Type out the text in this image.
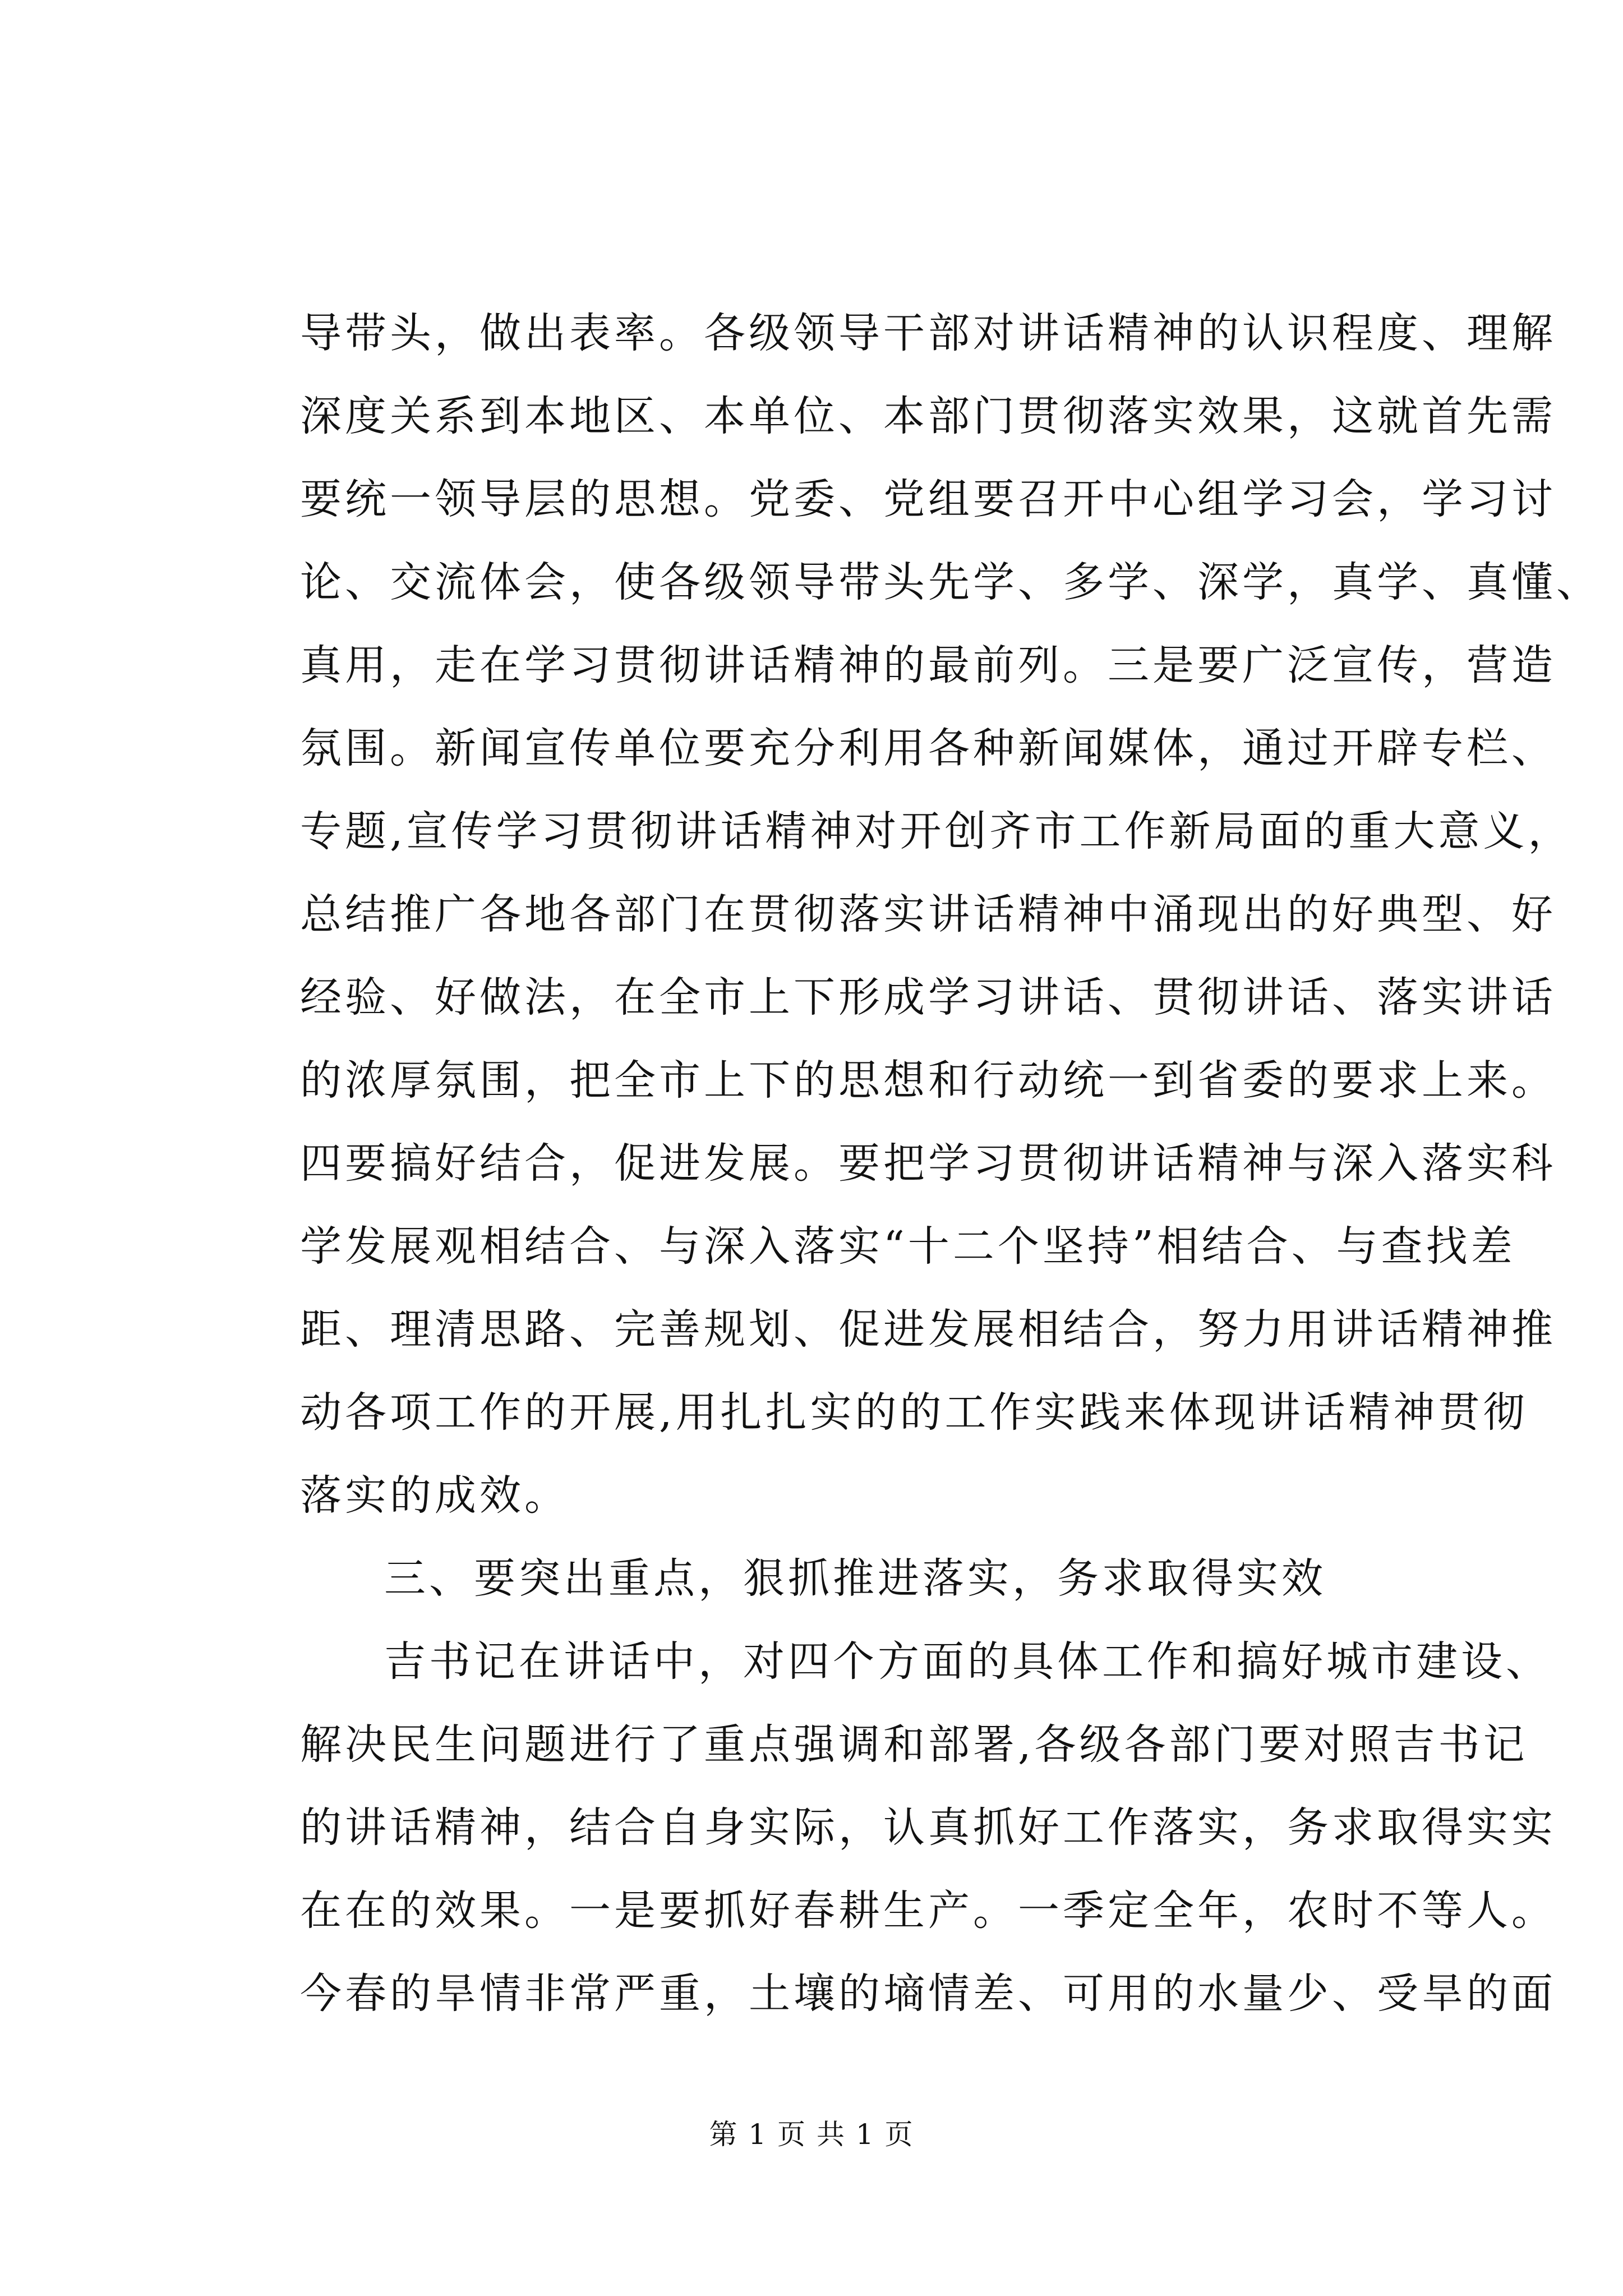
导带头，做出表率。各级领导干部对讲话精神的认识程度、理解
深度关系到本地区、本单位、本部门贯彻落实效果，这就首先需
要统一领导层的思想。党委、党组要召开中心组学习会，学习讨
论、交流体会，使各级领导带头先学、多学、深学，真学、真懂、
真用，走在学习贯彻讲话精神的最前列。三是要广泛宣传，营造
氛围。新闻宣传单位要充分利用各种新闻媒体，通过开辟专栏、
专题,宣传学习贯彻讲话精神对开创齐市工作新局面的重大意义，
总结推广各地各部门在贯彻落实讲话精神中涌现出的好典型、好
经验、好做法，在全市上下形成学习讲话、贯彻讲话、落实讲话
的浓厚氛围，把全市上下的思想和行动统一到省委的要求上来。
四要搞好结合，促进发展。要把学习贯彻讲话精神与深入落实科
学发展观相结合、与深入落实“十二个坚持”相结合、与查找差
距、理清思路、完善规划、促进发展相结合，努力用讲话精神推
动各项工作的开展,用扎扎实的的工作实践来体现讲话精神贯彻
落实的成效。
三、要突出重点，狠抓推进落实，务求取得实效
吉书记在讲话中，对四个方面的具体工作和搞好城市建设、
解决民生问题进行了重点强调和部署,各级各部门要对照吉书记
的讲话精神，结合自身实际，认真抓好工作落实，务求取得实实
在在的效果。一是要抓好春耕生产。一季定全年，农时不等人。
今春的旱情非常严重，土壤的墒情差、可用的水量少、受旱的面
第 1 页 共 1 页
